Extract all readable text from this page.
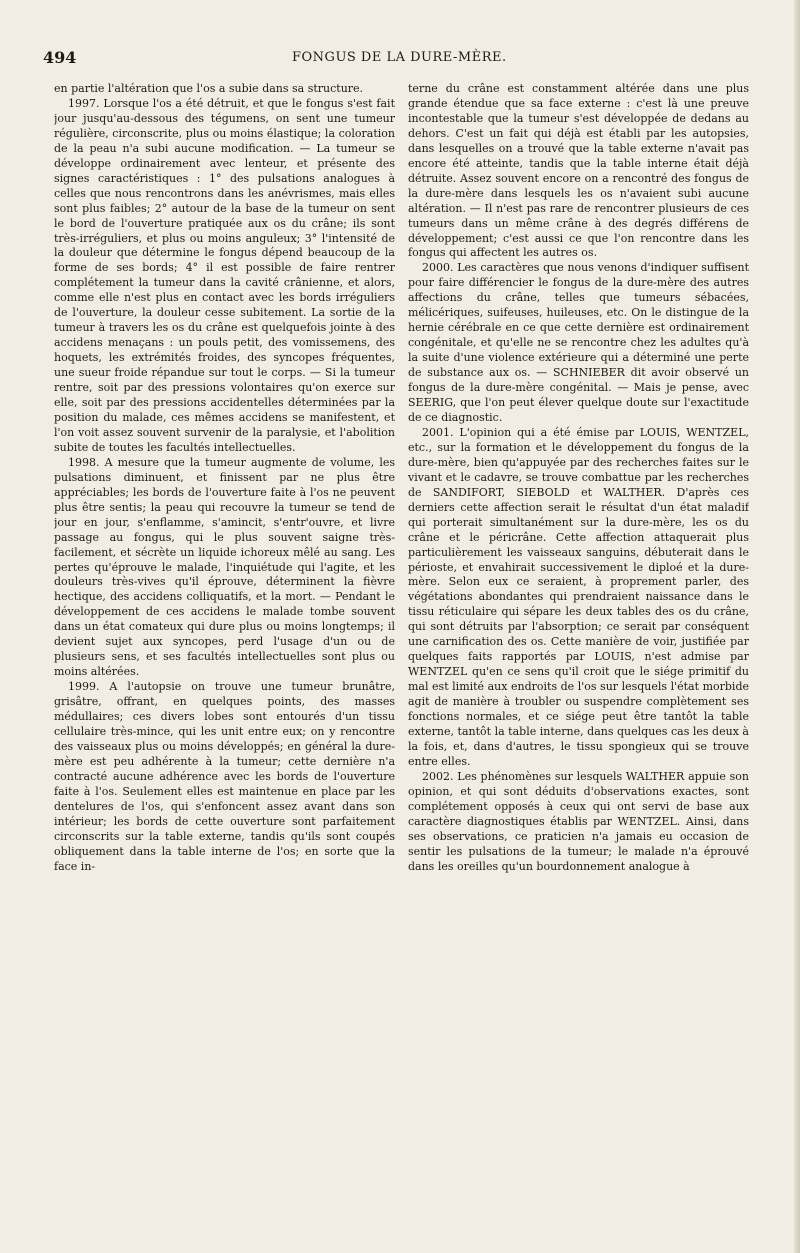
494	FONGUS DE LA DURE-MÈRE.

en partie l'altération que l'os a subie dans sa structure.

1997. Lorsque l'os a été détruit, et que le fongus s'est fait jour jusqu'au-dessous des tégumens, on sent une tumeur régulière, circonscrite, plus ou moins élastique; la coloration de la peau n'a subi aucune modification. — La tumeur se développe ordinairement avec lenteur, et présente des signes caractéristiques : 1° des pulsations analogues à celles que nous rencontrons dans les anévrismes, mais elles sont plus faibles; 2° autour de la base de la tumeur on sent le bord de l'ouverture pratiquée aux os du crâne; ils sont très-irréguliers, et plus ou moins anguleux; 3° l'intensité de la douleur que détermine le fongus dépend beaucoup de la forme de ses bords; 4° il est possible de faire rentrer complétement la tumeur dans la cavité crânienne, et alors, comme elle n'est plus en contact avec les bords irréguliers de l'ouverture, la douleur cesse subitement. La sortie de la tumeur à travers les os du crâne est quelquefois jointe à des accidens menaçans : un pouls petit, des vomissemens, des hoquets, les extrémités froides, des syncopes fréquentes, une sueur froide répandue sur tout le corps. — Si la tumeur rentre, soit par des pressions volontaires qu'on exerce sur elle, soit par des pressions accidentelles déterminées par la position du malade, ces mêmes accidens se manifestent, et l'on voit assez souvent survenir de la paralysie, et l'abolition subite de toutes les facultés intellectuelles.

1998. A mesure que la tumeur augmente de volume, les pulsations diminuent, et finissent par ne plus être appréciables; les bords de l'ouverture faite à l'os ne peuvent plus être sentis; la peau qui recouvre la tumeur se tend de jour en jour, s'enflamme, s'amincit, s'entr'ouvre, et livre passage au fongus, qui le plus souvent saigne très-facilement, et sécrète un liquide ichoreux mêlé au sang. Les pertes qu'éprouve le malade, l'inquiétude qui l'agite, et les douleurs très-vives qu'il éprouve, déterminent la fièvre hectique, des accidens colliquatifs, et la mort. — Pendant le développement de ces accidens le malade tombe souvent dans un état comateux qui dure plus ou moins longtemps; il devient sujet aux syncopes, perd l'usage d'un ou de plusieurs sens, et ses facultés intellectuelles sont plus ou moins altérées.

1999. A l'autopsie on trouve une tumeur brunâtre, grisâtre, offrant, en quelques points, des masses médullaires; ces divers lobes sont entourés d'un tissu cellulaire très-mince, qui les unit entre eux; on y rencontre des vaisseaux plus ou moins développés; en général la dure-mère est peu adhérente à la tumeur; cette dernière n'a contracté aucune adhérence avec les bords de l'ouverture faite à l'os. Seulement elles est maintenue en place par les dentelures de l'os, qui s'enfoncent assez avant dans son intérieur; les bords de cette ouverture sont parfaitement circonscrits sur la table externe, tandis qu'ils sont coupés obliquement dans la table interne de l'os; en sorte que la face in-

terne du crâne est constamment altérée dans une plus grande étendue que sa face externe : c'est là une preuve incontestable que la tumeur s'est développée de dedans au dehors. C'est un fait qui déjà est établi par les autopsies, dans lesquelles on a trouvé que la table externe n'avait pas encore été atteinte, tandis que la table interne était déjà détruite. Assez souvent encore on a rencontré des fongus de la dure-mère dans lesquels les os n'avaient subi aucune altération. — Il n'est pas rare de rencontrer plusieurs de ces tumeurs dans un même crâne à des degrés différens de développement; c'est aussi ce que l'on rencontre dans les fongus qui affectent les autres os.

2000. Les caractères que nous venons d'indiquer suffisent pour faire différencier le fongus de la dure-mère des autres affections du crâne, telles que tumeurs sébacées, mélicériques, suifeuses, huileuses, etc. On le distingue de la hernie cérébrale en ce que cette dernière est ordinairement congénitale, et qu'elle ne se rencontre chez les adultes qu'à la suite d'une violence extérieure qui a déterminé une perte de substance aux os. — SCHNIEBER dit avoir observé un fongus de la dure-mère congénital. — Mais je pense, avec SEERIG, que l'on peut élever quelque doute sur l'exactitude de ce diagnostic.

2001. L'opinion qui a été émise par LOUIS, WENTZEL, etc., sur la formation et le développement du fongus de la dure-mère, bien qu'appuyée par des recherches faites sur le vivant et le cadavre, se trouve combattue par les recherches de SANDIFORT, SIEBOLD et WALTHER. D'après ces derniers cette affection serait le résultat d'un état maladif qui porterait simultanément sur la dure-mère, les os du crâne et le péricrâne. Cette affection attaquerait plus particulièrement les vaisseaux sanguins, débuterait dans le périoste, et envahirait successivement le diploé et la dure-mère. Selon eux ce seraient, à proprement parler, des végétations abondantes qui prendraient naissance dans le tissu réticulaire qui sépare les deux tables des os du crâne, qui sont détruits par l'absorption; ce serait par conséquent une carnification des os. Cette manière de voir, justifiée par quelques faits rapportés par LOUIS, n'est admise par WENTZEL qu'en ce sens qu'il croit que le siége primitif du mal est limité aux endroits de l'os sur lesquels l'état morbide agit de manière à troubler ou suspendre complètement ses fonctions normales, et ce siége peut être tantôt la table externe, tantôt la table interne, dans quelques cas les deux à la fois, et, dans d'autres, le tissu spongieux qui se trouve entre elles.

2002. Les phénomènes sur lesquels WALTHER appuie son opinion, et qui sont déduits d'observations exactes, sont complétement opposés à ceux qui ont servi de base aux caractère diagnostiques établis par WENTZEL. Ainsi, dans ses observations, ce praticien n'a jamais eu occasion de sentir les pulsations de la tumeur; le malade n'a éprouvé dans les oreilles qu'un bourdonnement analogue à
